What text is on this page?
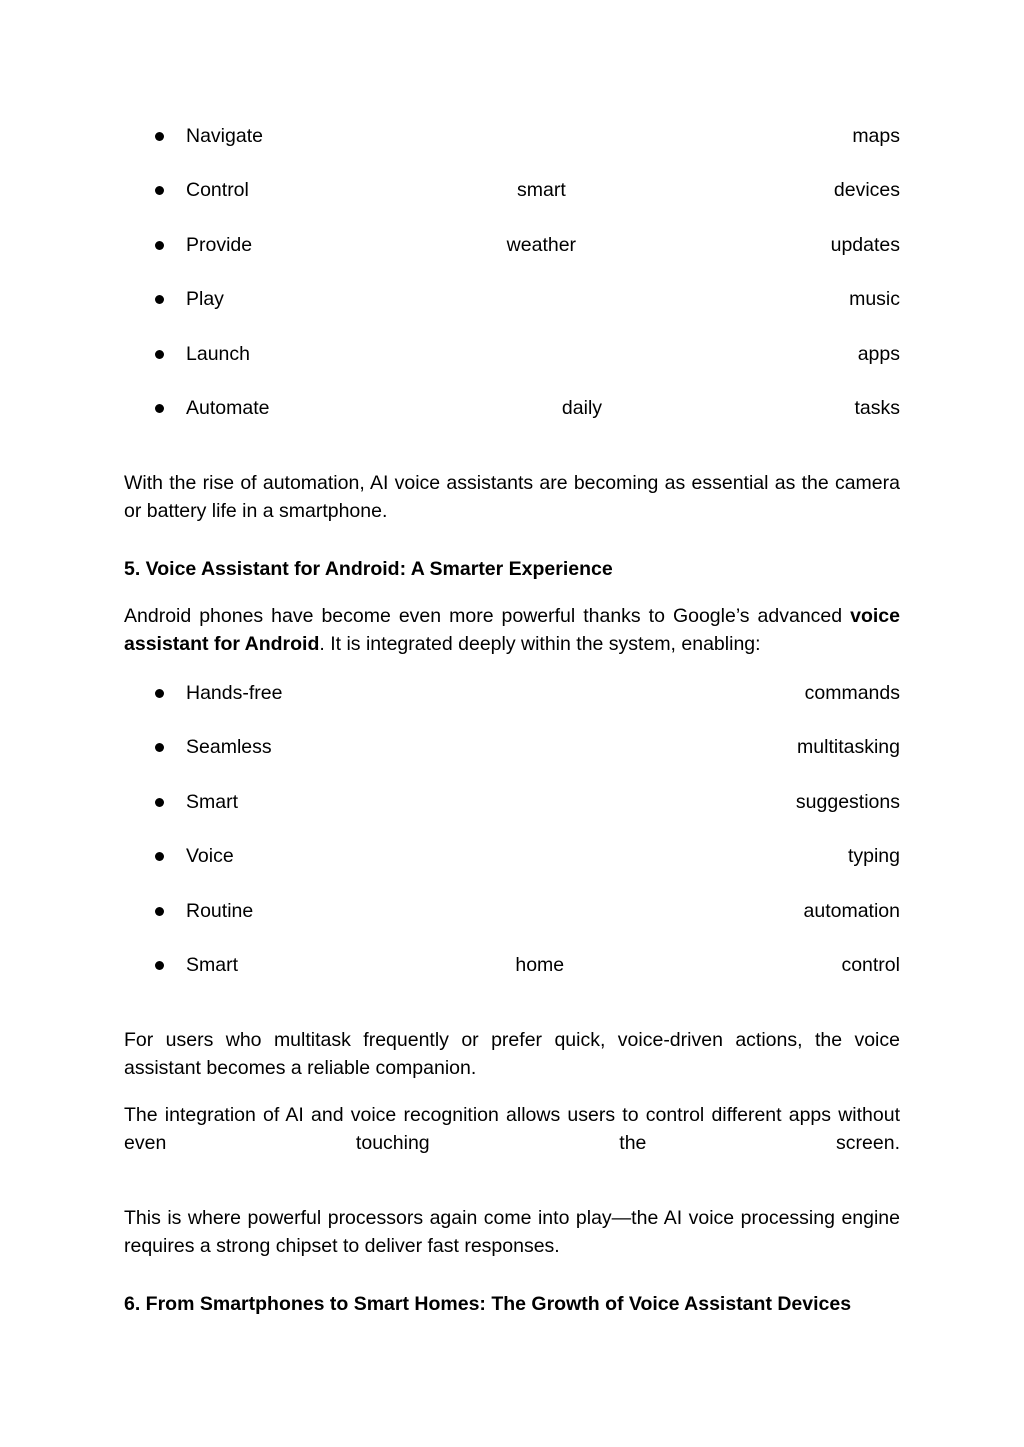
Navigate	maps
Control	smart	devices
Provide	weather	updates
Play	music
Launch	apps
Automate	daily	tasks

With the rise of automation, AI voice assistants are becoming as essential as the camera or battery life in a smartphone.

5. Voice Assistant for Android: A Smarter Experience

Android phones have become even more powerful thanks to Google’s advanced voice assistant for Android. It is integrated deeply within the system, enabling:

Hands-free	commands
Seamless	multitasking
Smart	suggestions
Voice	typing
Routine	automation
Smart	home	control

For users who multitask frequently or prefer quick, voice-driven actions, the voice assistant becomes a reliable companion.

The integration of AI and voice recognition allows users to control different apps without even touching the screen.

This is where powerful processors again come into play—the AI voice processing engine requires a strong chipset to deliver fast responses.

6. From Smartphones to Smart Homes: The Growth of Voice Assistant Devices
